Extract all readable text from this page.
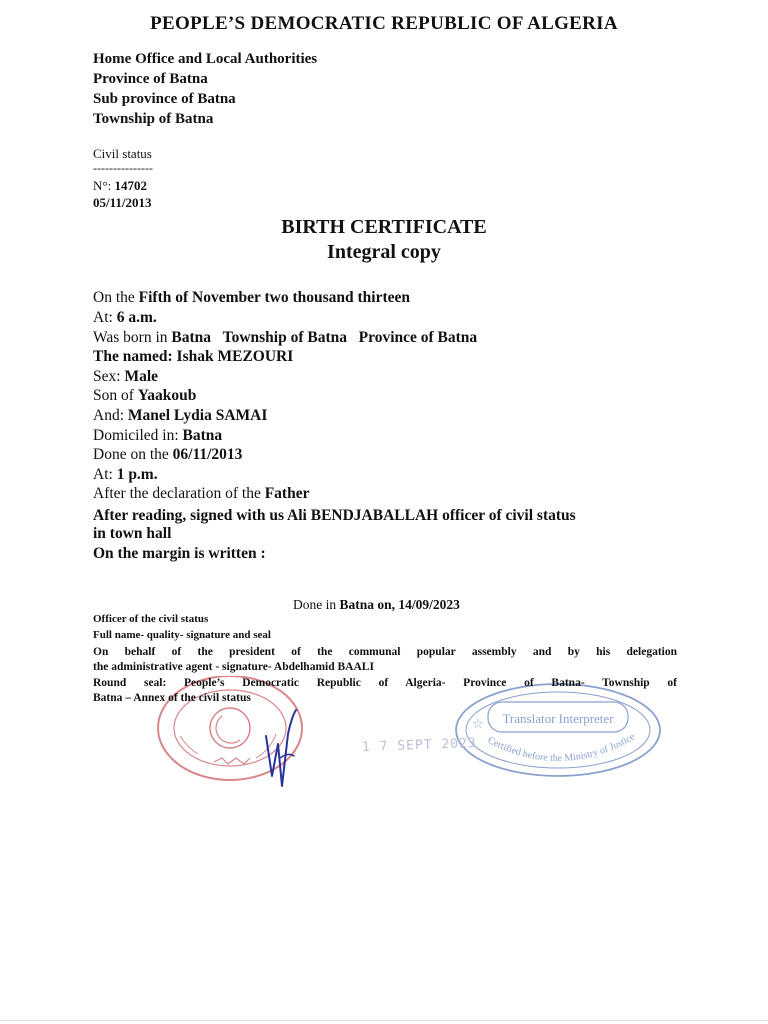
PEOPLE’S DEMOCRATIC REPUBLIC OF ALGERIA
Home Office and Local Authorities
Province of Batna
Sub province of Batna
Township of Batna
Civil status
---------------
N°: 14702
05/11/2013
BIRTH CERTIFICATE
Integral copy
On the Fifth of November two thousand thirteen
At: 6 a.m.
Was born in Batna Township of Batna Province of Batna
The named: Ishak MEZOURI
Sex: Male
Son of Yaakoub
And: Manel Lydia SAMAI
Domiciled in: Batna
Done on the 06/11/2013
At: 1 p.m.
After the declaration of the Father
After reading, signed with us Ali BENDJABALLAH officer of civil status
in town hall
On the margin is written :
Done in Batna on, 14/09/2023
Translator Interpreter
☆
Certified before the Ministry of Justice
1 7 SEPT 2023
Officer of the civil status
Full name- quality- signature and seal
On behalf of the president of the communal popular assembly and by his delegation
the administrative agent - signature- Abdelhamid BAALI
Round seal: People’s Democratic Republic of Algeria- Province of Batna- Township of
Batna – Annex of the civil status
